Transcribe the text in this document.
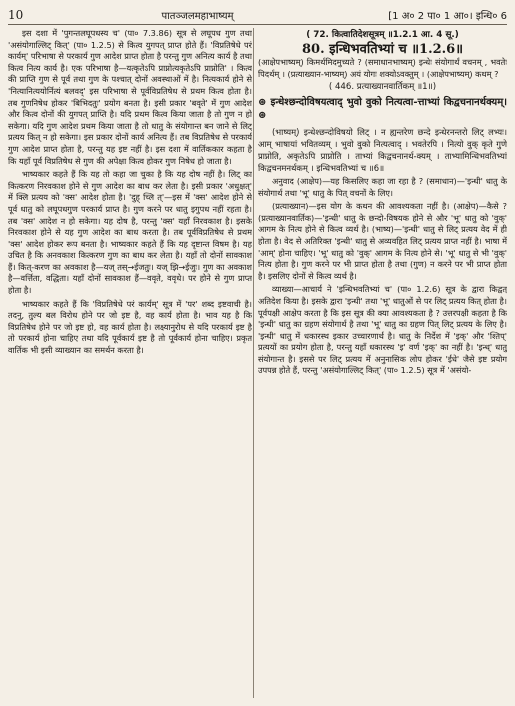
10	पातञ्जलमहाभाष्यम्	[1 अ० 2 पा० 1 आ०। इन्धि० 6

इस दशा में 'पुगन्तलघूपधस्य च' (पा० 7.3.86) सूत्र से लघूपध गुण तथा 'असंयोगाल्लिट् कित्' (पा० 1.2.5) से कित्व युगपत् प्राप्त होते हैं। 'विप्रतिषेधे परं कार्यम्' परिभाषा से परकार्य गुण आदेश प्राप्त होता है परन्तु गुण अनित्य कार्य है तथा कित्व नित्य कार्य है। एक परिभाषा है—यत्कृतेऽपि प्राप्नोत्यकृतेऽपि प्राप्नोति' । कित्व की प्राप्ति गुण से पूर्व तथा गुण के पश्चात् दोनों अवस्थाओं में है। नित्यकार्य होने से 'नित्यानित्ययोर्नित्यं बलवद्' इस परिभाषा से पूर्वविप्रतिषेध से प्रथम कित्व होता है। तब गुणनिषेध होकर 'बिभिदतुः' प्रयोग बनता है। इसी प्रकार 'बवृते' में गुण आदेश और कित्व दोनों की युगपत् प्राप्ति है। यदि प्रथम कित्व किया जाता है तो गुण न हो सकेगा। यदि गुण आदेश प्रथम किया जाता है तो धातु के संयोगान्त बन जाने से लिट् प्रत्यय कित् न हो सकेगा। इस प्रकार दोनों कार्य अनित्य हैं। तब विप्रतिषेध से परकार्य गुण आदेश प्राप्त होता है, परन्तु यह इष्ट नहीं है। इस दशा में वार्तिककार कहता है कि यहाँ पूर्व विप्रतिषेध से गुण की अपेक्षा कित्व होकर गुण निषेध हो जाता है।

भाष्यकार कहते हैं कि यह तो कहा जा चुका है कि यह दोष नहीं है। लिट् का कित्करण निरवकाश होने से गुण आदेश का बाध कर लेता है। इसी प्रकार 'अधुक्षत्' में क्लि प्रत्यय को 'क्स' आदेश होता है। 'दुह् च्लि त्'—इस में 'क्स' आदेश होने से पूर्व धातु को लघूपधगुण परकार्य प्राप्त है। गुण करने पर धातु इगुपध नहीं रहता है। तब 'क्स' आदेश न हो सकेगा। यह दोष है, परन्तु 'क्स' यहाँ निरवकाश है। इसके निरवकाश होने से यह गुण आदेश का बाध करता है। तब पूर्वविप्रतिषेध से प्रथम 'क्स' आदेश होकर रूप बनता है। भाष्यकार कहते हैं कि यह दृष्टान्त विषम है। यह उचित है कि अनवकाश कित्करण गुण का बाध कर लेता है। यहाँ तो दोनों सावकाश हैं। कित्-करण का अवकाश है—यज् तस्→ईजतुः। यज् झि→ईजुः। गुण का अवकाश है—वर्त्तिता, वद्धिता। यहाँ दोनों सावकाश हैं—ववृते, ववृधे। पर होने से गुण प्राप्त होता है।

भाष्यकार कहते हैं कि 'विप्रतिषेधे परं कार्यम्' सूत्र में 'पर' शब्द इष्टवाची है। तदनु, तुल्य बल विरोध होने पर जो इष्ट है, वह कार्य होता है। भाव यह है कि विप्रतिषेध होने पर जो इष्ट हो, वह कार्य होता है। लक्ष्यानुरोध से यदि परकार्य इष्ट है तो परकार्य होना चाहिए तथा यदि पूर्वकार्य इष्ट है तो पूर्वकार्य होना चाहिए। प्रकृत वार्तिक भी इसी व्याख्यान का समर्थन करता है।

( 72. कित्वातिदेशसूत्रम् ॥1.2.1 आ. 4 सू.)

80. इन्धिभवतिभ्यां च ॥1.2.6॥

(आक्षेपभाष्यम्) किमर्थमिदमुच्यते ? (समाधानभाष्यम्) इन्धेः संयोगार्थं वचनम् , भवतेः पिदर्थम् । (प्रत्याख्यान-भाष्यम्) अयं योगः शक्योऽवक्तुम् । (आक्षेपभाष्यम्) कथम् ?

( 446. प्रत्याख्यानवार्तिकम् ॥1॥)

⊛ इन्धेश्छन्दोविषयत्वाद् भुवो वुको नित्यत्वा-त्ताभ्यां किद्वचनानर्थक्यम्। ⊛

(भाष्यम्) इन्धेश्छन्दोविषयो लिट् । न ह्यन्तरेण छन्दे इन्धेरनन्तरो लिट् लभ्यः। आम् भाषायां भवितव्यम् । भुवो वुको नित्यत्वाद् । भवतेरपि । नित्यो वुक् कृते गुणे प्राप्नोति, अकृतेऽपि प्राप्नोति । ताभ्यां किद्वचनानर्थ-क्यम् । ताभ्यामिन्धिभवतिभ्यां किद्वचनमनर्थकम् । इन्धिभवतिभ्यां च ॥6॥

अनुवाद (आक्षेप)—यह किसलिए कहा जा रहा है ? (समाधान)—'इन्धी' धातु के संयोगार्थ तथा 'भू' धातु के पित् वचनों के लिए।

(प्रत्याख्यान)—इस योग के कथन की आवश्यकता नहीं है। (आक्षेप)—कैसे ? (प्रत्याख्यानवार्तिक)—'इन्धी' धातु के छन्दो-विषयक होने से और 'भू' धातु को 'वुक्' आगम के नित्य होने से कित्व व्यर्थ है। (भाष्य)—'इन्धी' धातु से लिट् प्रत्यय वेद में ही होता है। वेद से अतिरिक्त 'इन्धी' धातु से अव्यवहित लिट् प्रत्यय प्राप्त नहीं है। भाषा में 'आम्' होना चाहिए। 'भू' धातु को 'वुक्' आगम के नित्य होने से। 'भू' धातु से भी 'वुक्' नित्य होता है। गुण करने पर भी प्राप्त होता है तथा (गुण) न करने पर भी प्राप्त होता है। इसलिए दोनों से कित्व व्यर्थ है।

व्याख्या—आचार्य ने 'इन्धिभवतिभ्यां च' (पा० 1.2.6) सूत्र के द्वारा किद्वत् अतिदेश किया है। इसके द्वारा 'इन्धी' तथा 'भू' धातुओं से पर लिट् प्रत्यय कित् होता है। पूर्वपक्षी आक्षेप करता है कि इस सूत्र की क्या आवश्यकता है ? उत्तरपक्षी कहता है कि 'इन्धी' धातु का ग्रहण संयोगार्थ है तथा 'भू' धातु का ग्रहण पित् लिट् प्रत्यय के लिए है। 'इन्धी' धातु में धकारस्थ इकार उच्चारणार्थ है। धातु के निर्देश में 'इक्' और 'श्तिप्' प्रत्ययों का प्रयोग होता है, परन्तु यहाँ धकारस्थ 'इ' वर्ण 'इक्' का नहीं है। 'इन्ध्' धातु संयोगान्त है। इससे पर लिट् प्रत्यय में अनुनासिक लोप होकर 'ईधे' जैसे इष्ट प्रयोग उपपन्न होते हैं, परन्तु 'असंयोगाल्लिट् कित्' (पा० 1.2.5) सूत्र में 'असंयो-
